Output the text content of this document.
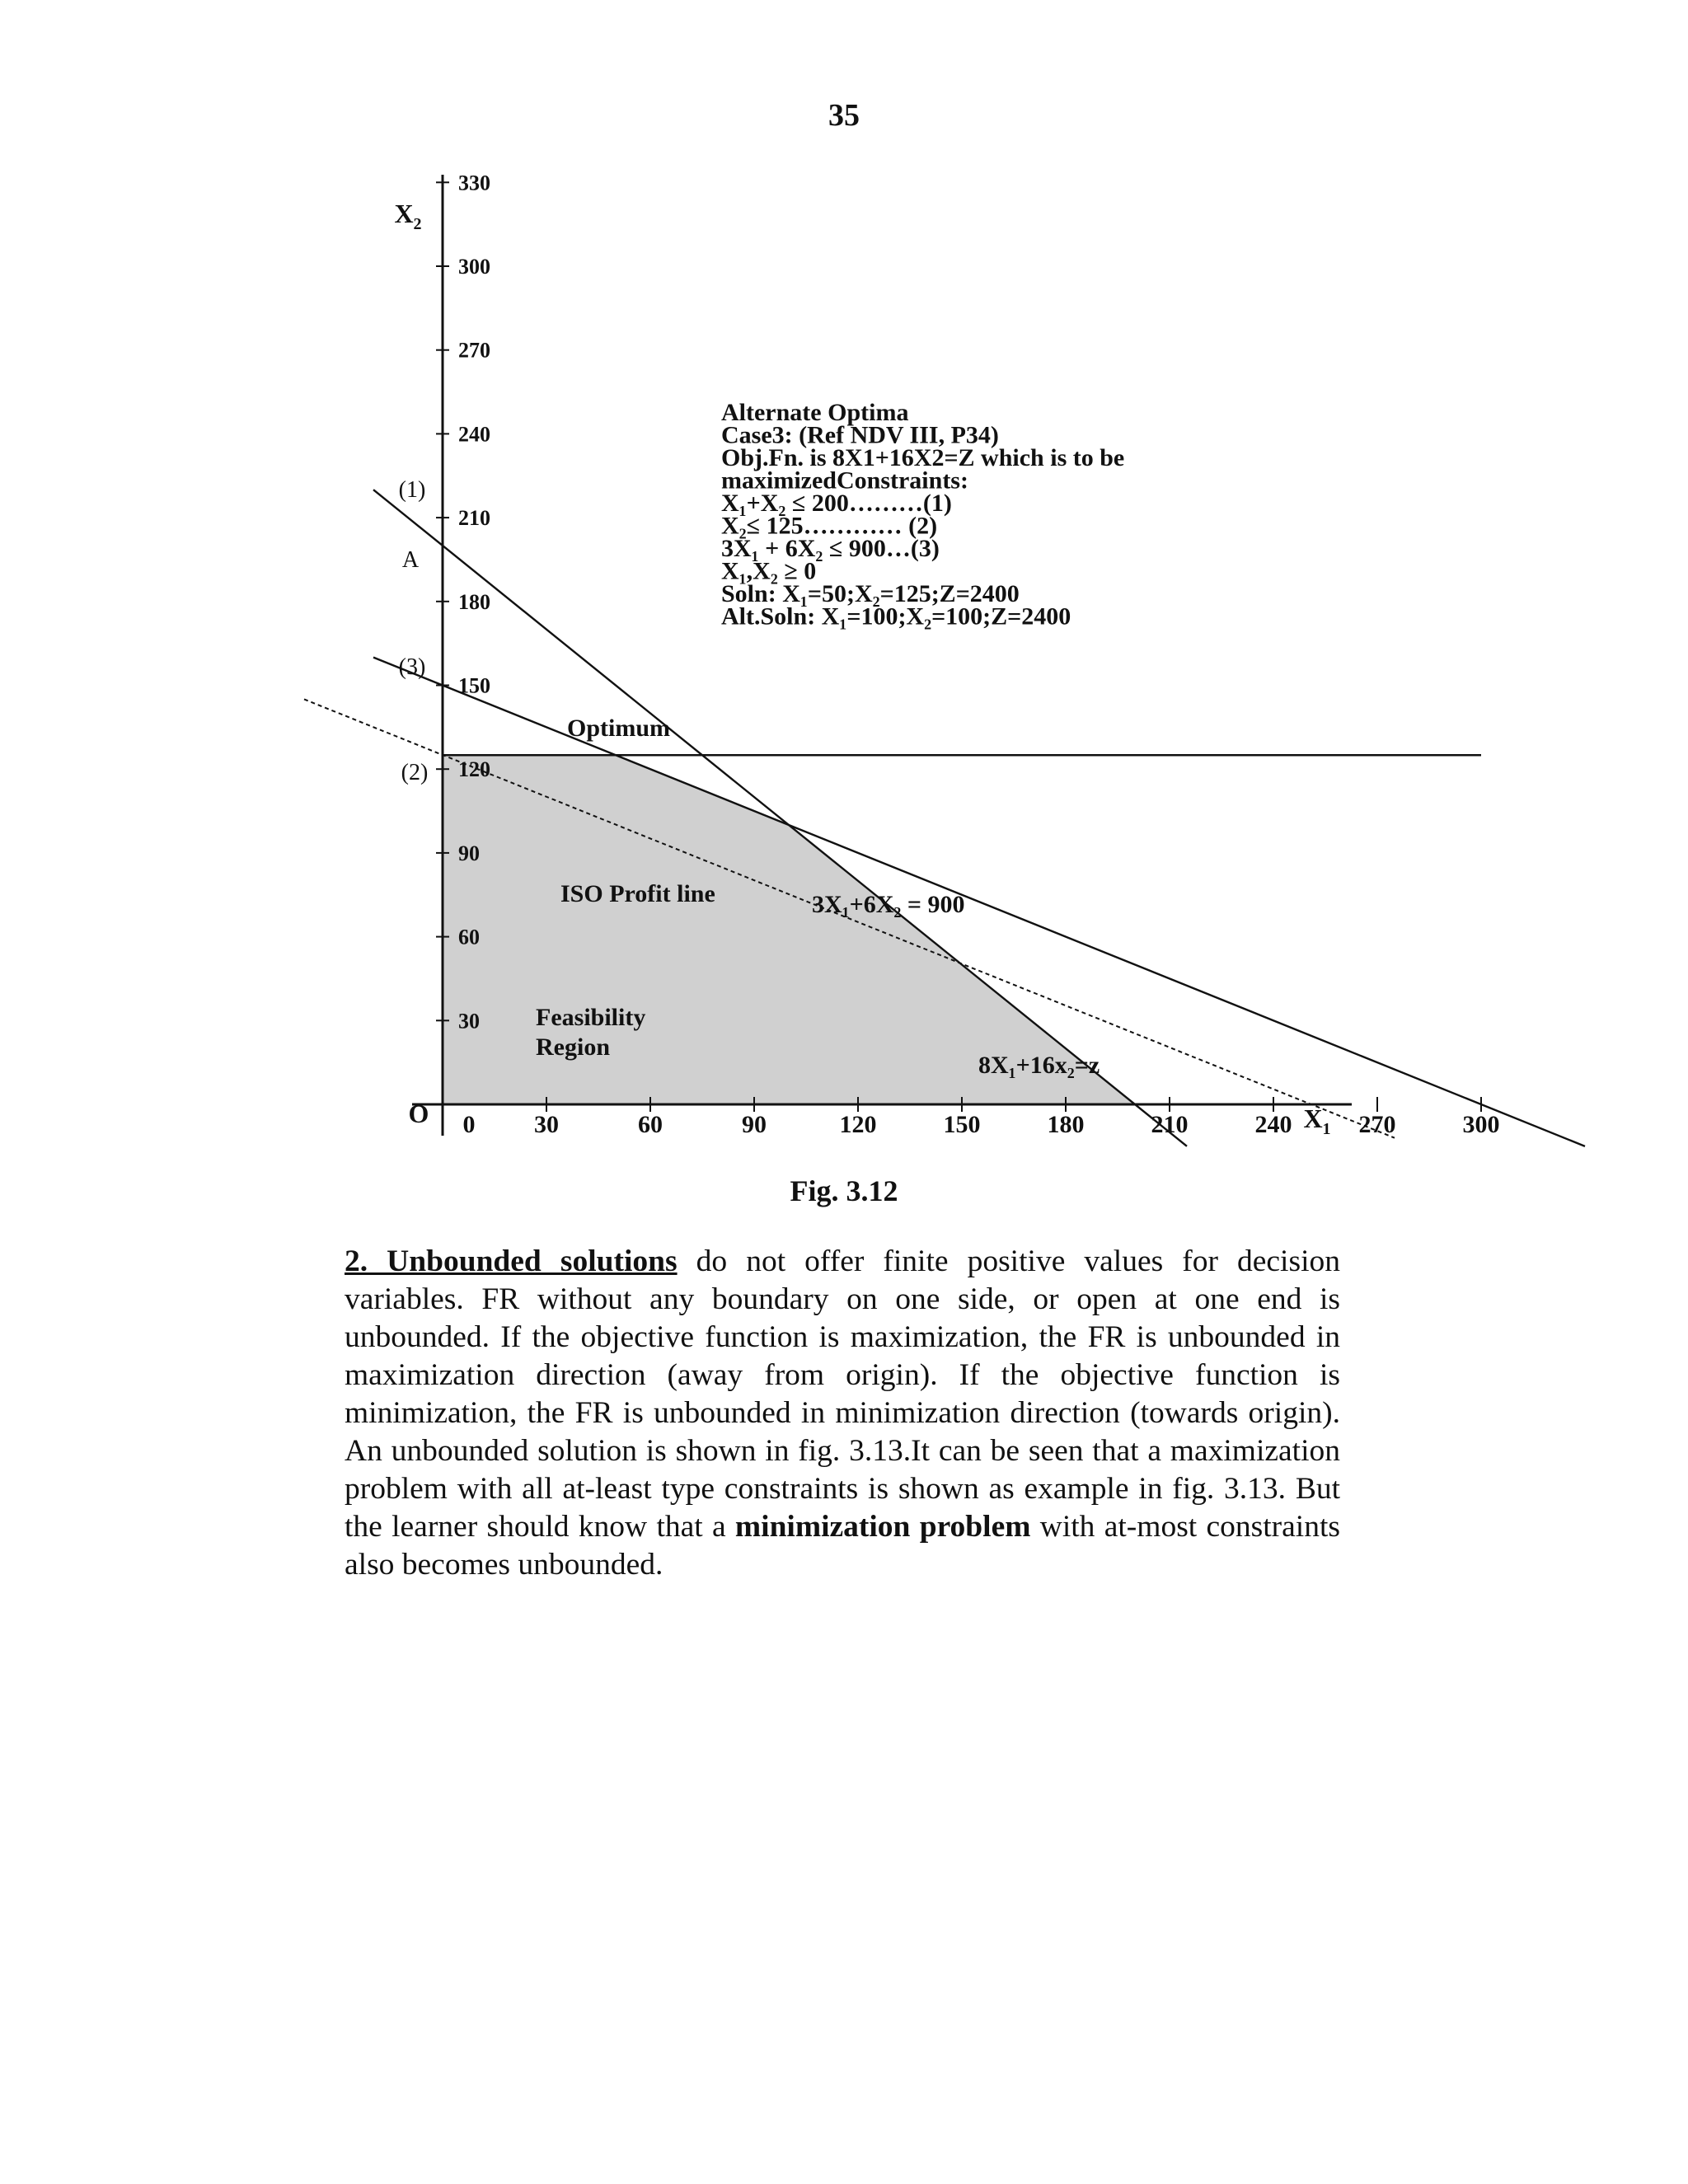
35
0 30	60	90	120	150	180	210	240	270	300
30
60
90
120
150
180
210
240
270
300
330
O
$X_2$
$X_1$
(1)
A
(3)
(2)
Optimum
ISO Profit line
Feasibility
Region
3X₁+6X₂ = 900
8X₁+16x₂=z
Alternate Optima
Case3: (Ref NDV III, P34)
Obj.Fn. is 8X1+16X2=Z which is to be
maximizedConstraints:
X₁+X₂ ≤ 200………(1)
X₂≤ 125………… (2)
3X₁ + 6X₂ ≤ 900…(3)
X₁,X₂ ≥ 0
Soln: X₁=50;X₂=125;Z=2400
Alt.Soln: X₁=100;X₂=100;Z=2400
Fig. 3.12
2. Unbounded solutions do not offer finite positive values for decision variables. FR without any boundary on one side, or open at one end is unbounded. If the objective function is maximization, the FR is unbounded in maximization direction (away from origin). If the objective function is minimization, the FR is unbounded in minimization direction (towards origin). An unbounded solution is shown in fig. 3.13.It can be seen that a maximization problem with all at-least type constraints is shown as example in fig. 3.13. But the learner should know that a minimization problem with at-most constraints also becomes unbounded.
